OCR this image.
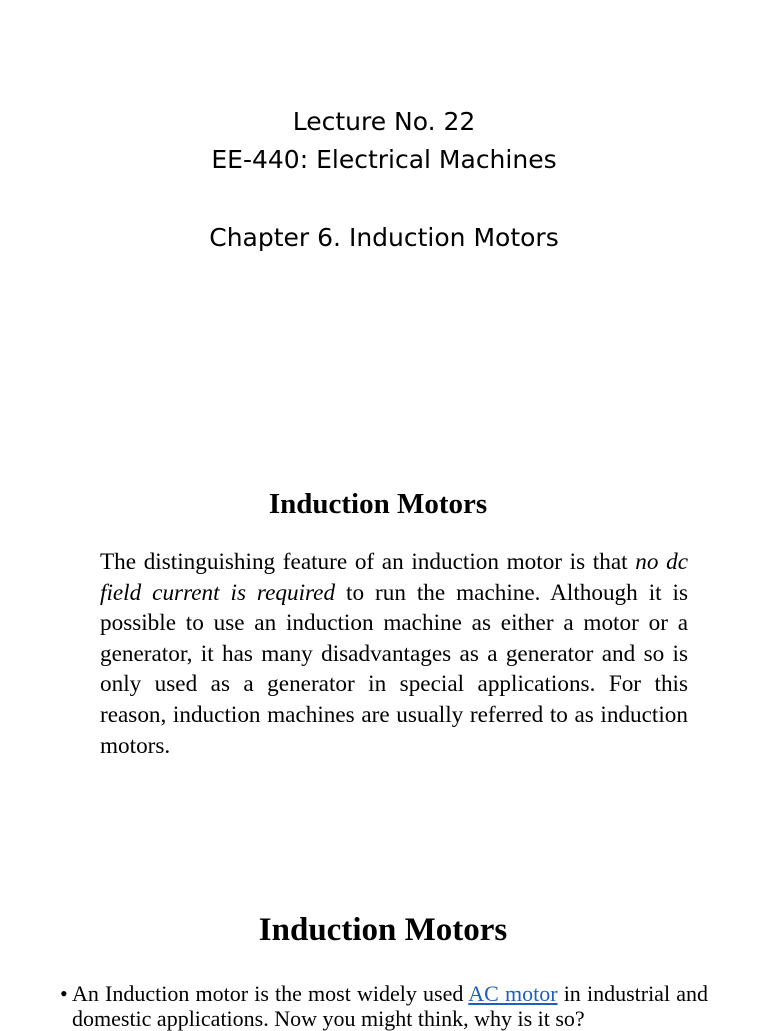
Lecture No. 22
EE-440: Electrical Machines
Chapter 6. Induction Motors
Induction Motors

The distinguishing feature of an induction motor is that no dc field current is required to run the machine. Although it is possible to use an induction machine as either a motor or a generator, it has many disadvantages as a generator and so is only used as a generator in special applications. For this reason, induction machines are usually referred to as induction motors.

Induction Motors
• An Induction motor is the most widely used AC motor in industrial and domestic applications. Now you might think, why is it so?
